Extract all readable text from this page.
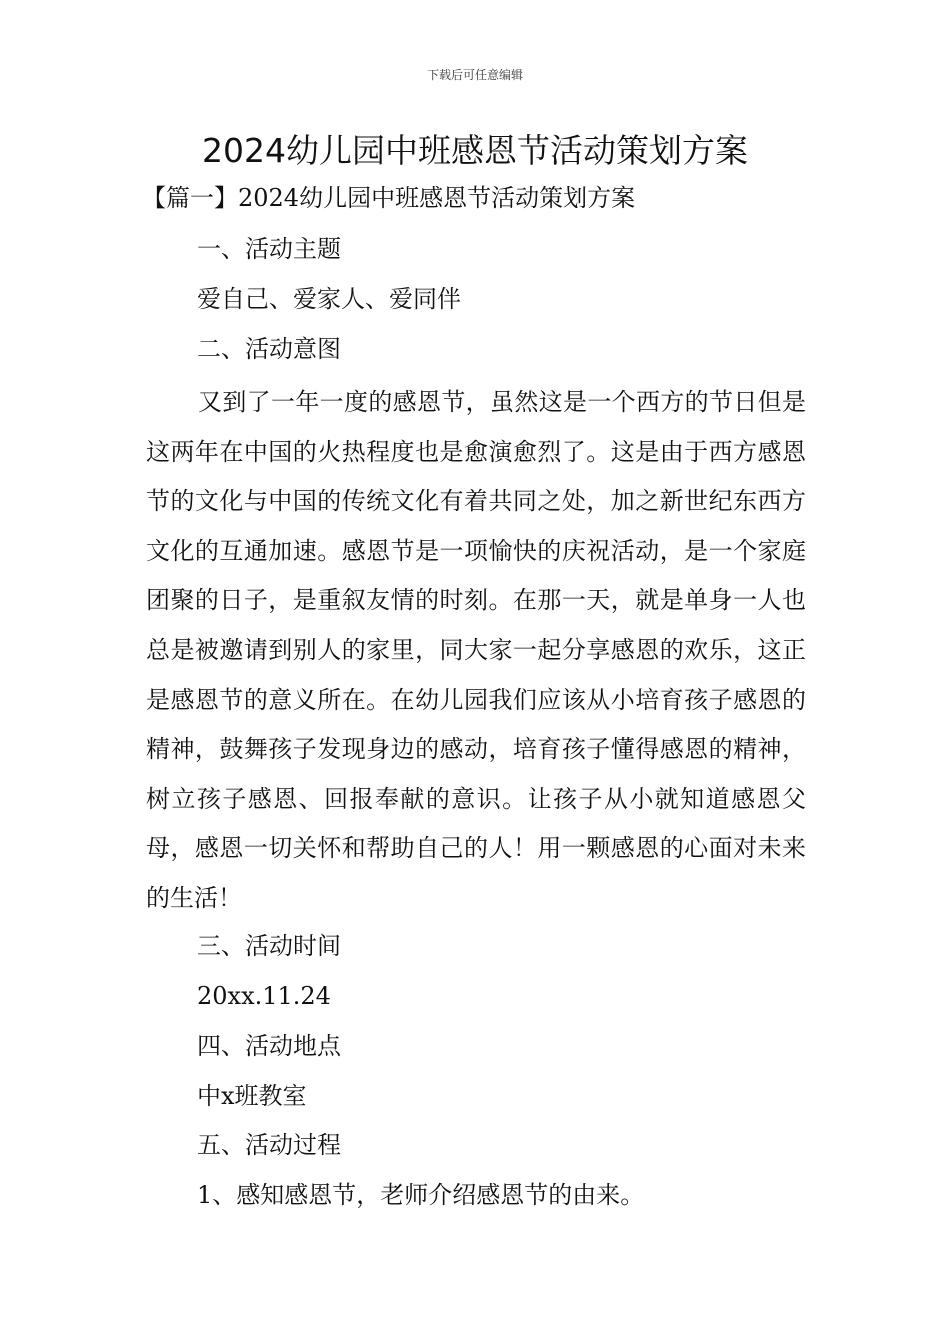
下载后可任意编辑
2024幼儿园中班感恩节活动策划方案
【篇一】2024幼儿园中班感恩节活动策划方案
一、活动主题
爱自己、爱家人、爱同伴
二、活动意图
又到了一年一度的感恩节，虽然这是一个西方的节日但是这两年在中国的火热程度也是愈演愈烈了。这是由于西方感恩节的文化与中国的传统文化有着共同之处，加之新世纪东西方文化的互通加速。感恩节是一项愉快的庆祝活动，是一个家庭团聚的日子，是重叙友情的时刻。在那一天，就是单身一人也总是被邀请到别人的家里，同大家一起分享感恩的欢乐，这正是感恩节的意义所在。在幼儿园我们应该从小培育孩子感恩的精神，鼓舞孩子发现身边的感动，培育孩子懂得感恩的精神，树立孩子感恩、回报奉献的意识。让孩子从小就知道感恩父母，感恩一切关怀和帮助自己的人！用一颗感恩的心面对未来的生活！
三、活动时间
20xx.11.24
四、活动地点
中x班教室
五、活动过程
1、感知感恩节，老师介绍感恩节的由来。
